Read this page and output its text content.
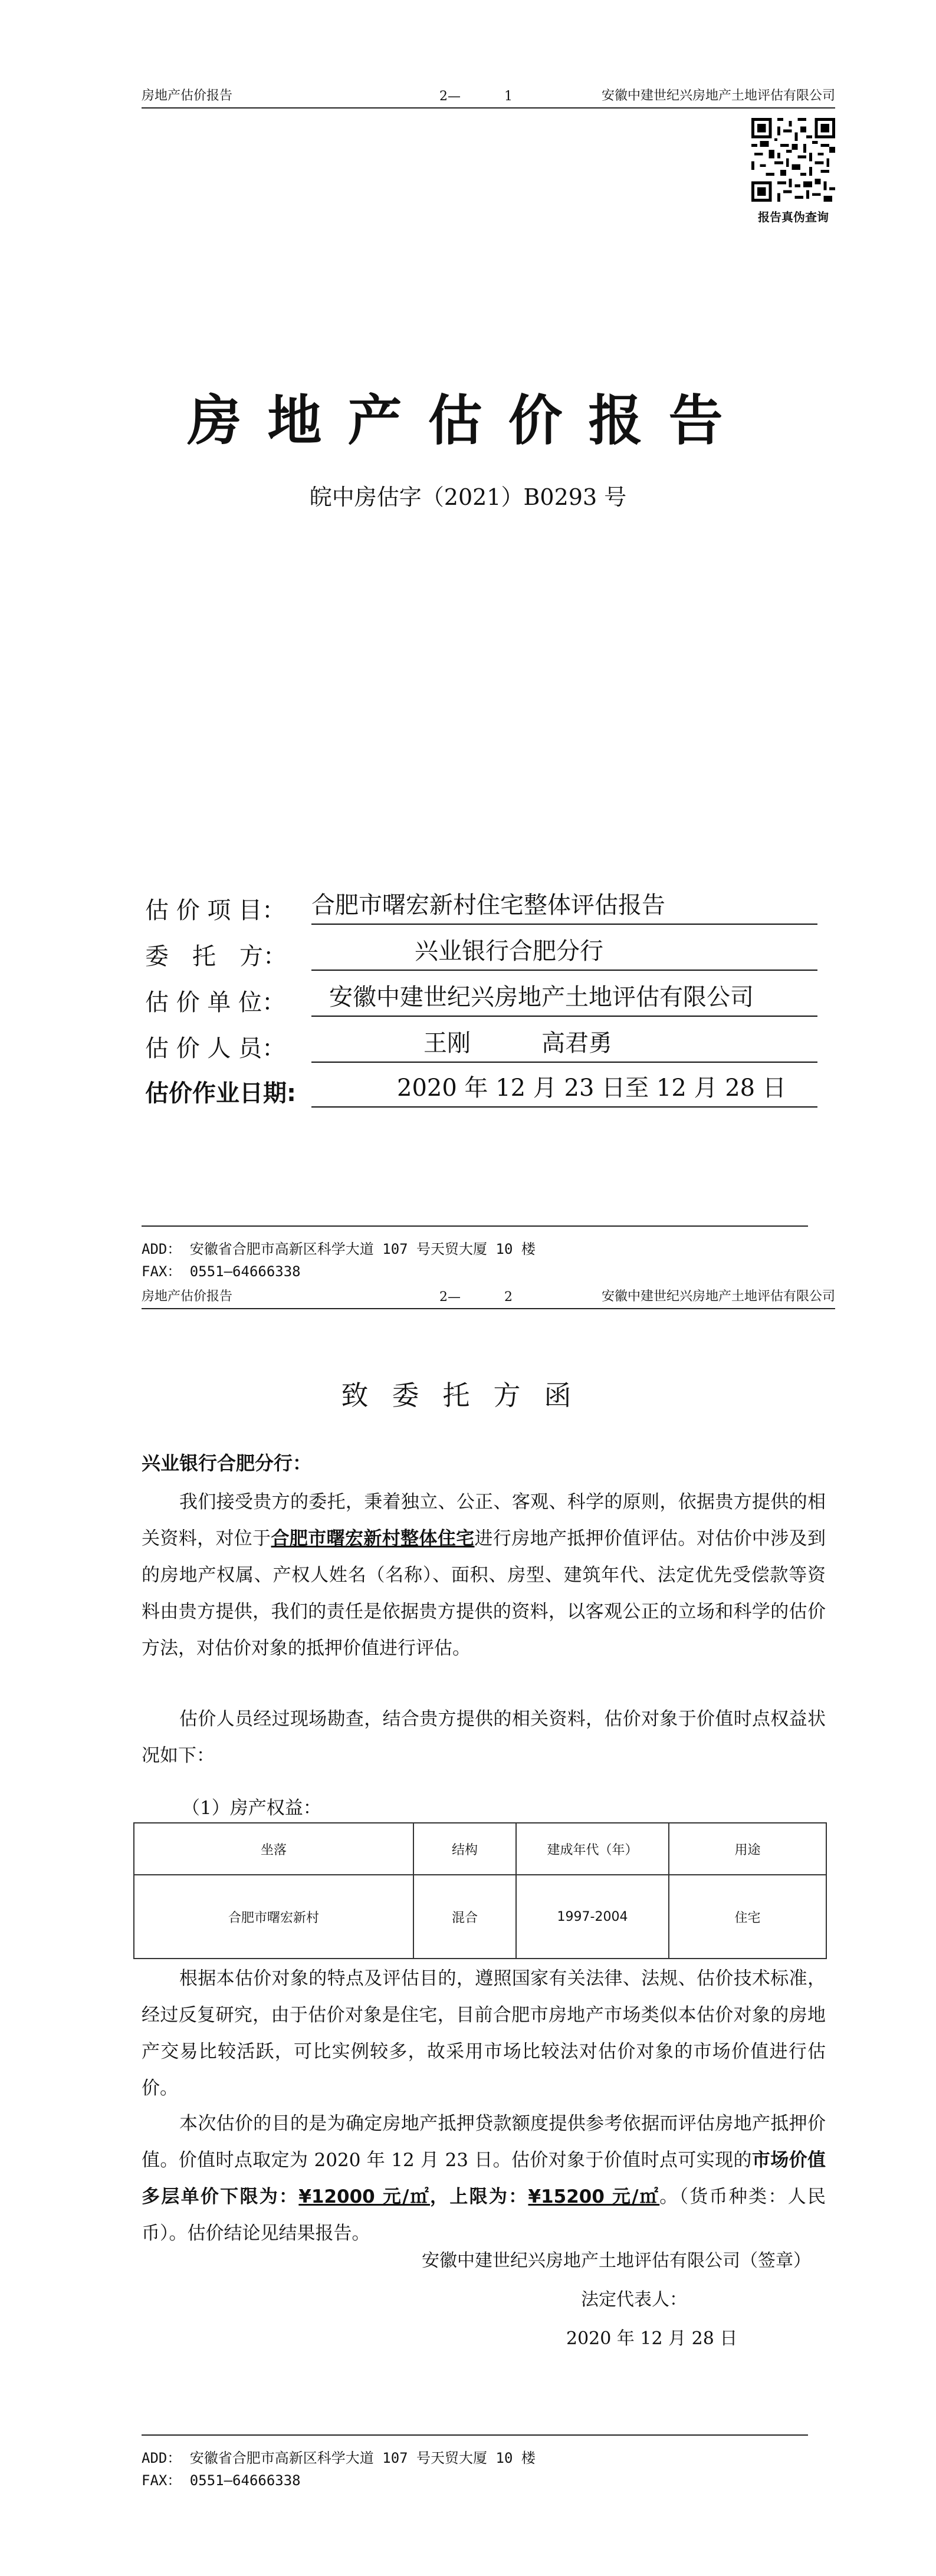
房地产估价报告	2—	1	安徽中建世纪兴房地产土地评估有限公司
报告真伪查询
房地产估价报告
皖中房估字（2021）B0293 号
估 价 项 目： 合肥市曙宏新村住宅整体评估报告
委　托　方：	兴业银行合肥分行
估 价 单 位： 安徽中建世纪兴房地产土地评估有限公司
估 价 人 员：	王刚　　　高君勇
估价作业日期:	2020 年 12 月 23 日至 12 月 28 日
ADD： 安徽省合肥市高新区科学大道 107 号天贸大厦 10 楼
FAX： 0551—64666338
房地产估价报告	2—	2	安徽中建世纪兴房地产土地评估有限公司
致委托方函
兴业银行合肥分行：
我们接受贵方的委托，秉着独立、公正、客观、科学的原则，依据贵方提供的相关资料，对位于合肥市曙宏新村整体住宅进行房地产抵押价值评估。对估价中涉及到的房地产权属、产权人姓名（名称）、面积、房型、建筑年代、法定优先受偿款等资料由贵方提供，我们的责任是依据贵方提供的资料，以客观公正的立场和科学的估价方法，对估价对象的抵押价值进行评估。
估价人员经过现场勘查，结合贵方提供的相关资料，估价对象于价值时点权益状况如下：
（1）房产权益：
坐落	结构	建成年代（年）	用途
合肥市曙宏新村	混合	1997-2004	住宅
根据本估价对象的特点及评估目的，遵照国家有关法律、法规、估价技术标准，经过反复研究，由于估价对象是住宅，目前合肥市房地产市场类似本估价对象的房地产交易比较活跃，可比实例较多，故采用市场比较法对估价对象的市场价值进行估价。
本次估价的目的是为确定房地产抵押贷款额度提供参考依据而评估房地产抵押价值。价值时点取定为 2020 年 12 月 23 日。估价对象于价值时点可实现的市场价值多层单价下限为：¥12000 元/㎡，上限为：¥15200 元/㎡。（货币种类：人民币）。估价结论见结果报告。
安徽中建世纪兴房地产土地评估有限公司（签章）
法定代表人：
2020 年 12 月 28 日
ADD： 安徽省合肥市高新区科学大道 107 号天贸大厦 10 楼
FAX： 0551—64666338
